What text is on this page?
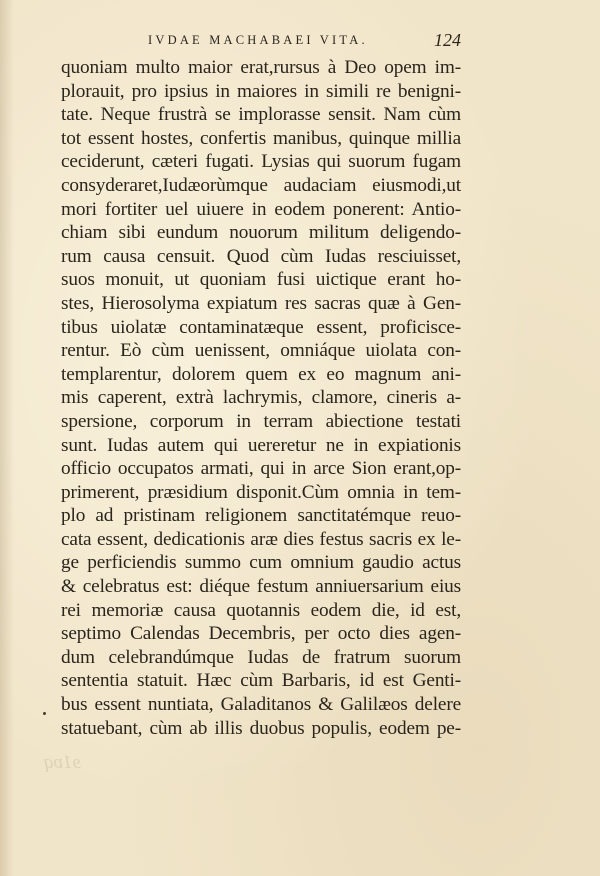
IVDAE MACHABAEI VITA.	124
quoniam multo maior erat,rursus à Deo opem im-
plorauit, pro ipsius in maiores in simili re benigni-
tate. Neque frustrà se implorasse sensit. Nam cùm
tot essent hostes, confertis manibus, quinque millia
ceciderunt, cæteri fugati. Lysias qui suorum fugam
consyderaret,Iudæorùmque audaciam eiusmodi,ut
mori fortiter uel uiuere in eodem ponerent: Antio-
chiam sibi eundum nouorum militum deligendo-
rum causa censuit. Quod cùm Iudas resciuisset,
suos monuit, ut quoniam fusi uictique erant ho-
stes, Hierosolyma expiatum res sacras quæ à Gen-
tibus uiolatæ contaminatæque essent, proficisce-
rentur. Eò cùm uenissent, omniáque uiolata con-
templarentur, dolorem quem ex eo magnum ani-
mis caperent, extrà lachrymis, clamore, cineris a-
spersione, corporum in terram abiectione testati
sunt. Iudas autem qui uereretur ne in expiationis
officio occupatos armati, qui in arce Sion erant,op-
primerent, præsidium disponit.Cùm omnia in tem-
plo ad pristinam religionem sanctitatémque reuo-
cata essent, dedicationis aræ dies festus sacris ex le-
ge perficiendis summo cum omnium gaudio actus
& celebratus est: diéque festum anniuersarium eius
rei memoriæ causa quotannis eodem die, id est,
septimo Calendas Decembris, per octo dies agen-
dum celebrandúmque Iudas de fratrum suorum
sententia statuit. Hæc cùm Barbaris, id est Genti-
bus essent nuntiata, Galaditanos & Galilæos delere
statuebant, cùm ab illis duobus populis, eodem pe-
ɘ1ɒq
